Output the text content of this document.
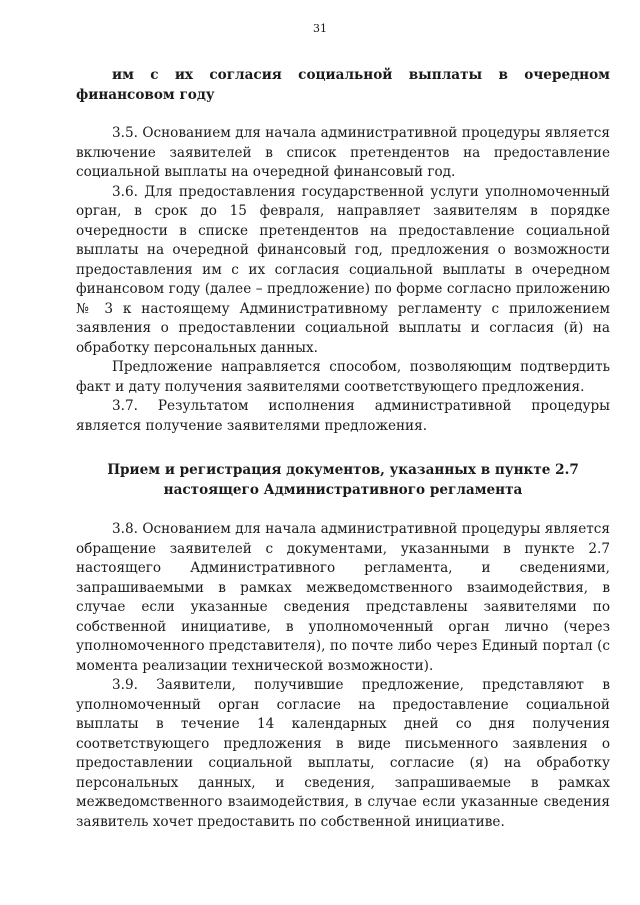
31
им с их согласия социальной выплаты в очередном финансовом году

3.5. Основанием для начала административной процедуры является включение заявителей в список претендентов на предоставление социальной выплаты на очередной финансовый год.

3.6. Для предоставления государственной услуги уполномоченный орган, в срок до 15 февраля, направляет заявителям в порядке очередности в списке претендентов на предоставление социальной выплаты на очередной финансовый год, предложения о возможности предоставления им с их согласия социальной выплаты в очередном финансовом году (далее – предложение) по форме согласно приложению № 3 к настоящему Административному регламенту с приложением заявления о предоставлении социальной выплаты и согласия (й) на обработку персональных данных.

Предложение направляется способом, позволяющим подтвердить факт и дату получения заявителями соответствующего предложения.

3.7. Результатом исполнения административной процедуры является получение заявителями предложения.

Прием и регистрация документов, указанных в пункте 2.7

настоящего Административного регламента

3.8. Основанием для начала административной процедуры является обращение заявителей с документами, указанными в пункте 2.7 настоящего Административного регламента, и сведениями, запрашиваемыми в рамках межведомственного взаимодействия, в случае если указанные сведения представлены заявителями по собственной инициативе, в уполномоченный орган лично (через уполномоченного представителя), по почте либо через Единый портал (с момента реализации технической возможности).

3.9. Заявители, получившие предложение, представляют в уполномоченный орган согласие на предоставление социальной выплаты в течение 14 календарных дней со дня получения соответствующего предложения в виде письменного заявления о предоставлении социальной выплаты, согласие (я) на обработку персональных данных, и сведения, запрашиваемые в рамках межведомственного взаимодействия, в случае если указанные сведения заявитель хочет предоставить по собственной инициативе.
